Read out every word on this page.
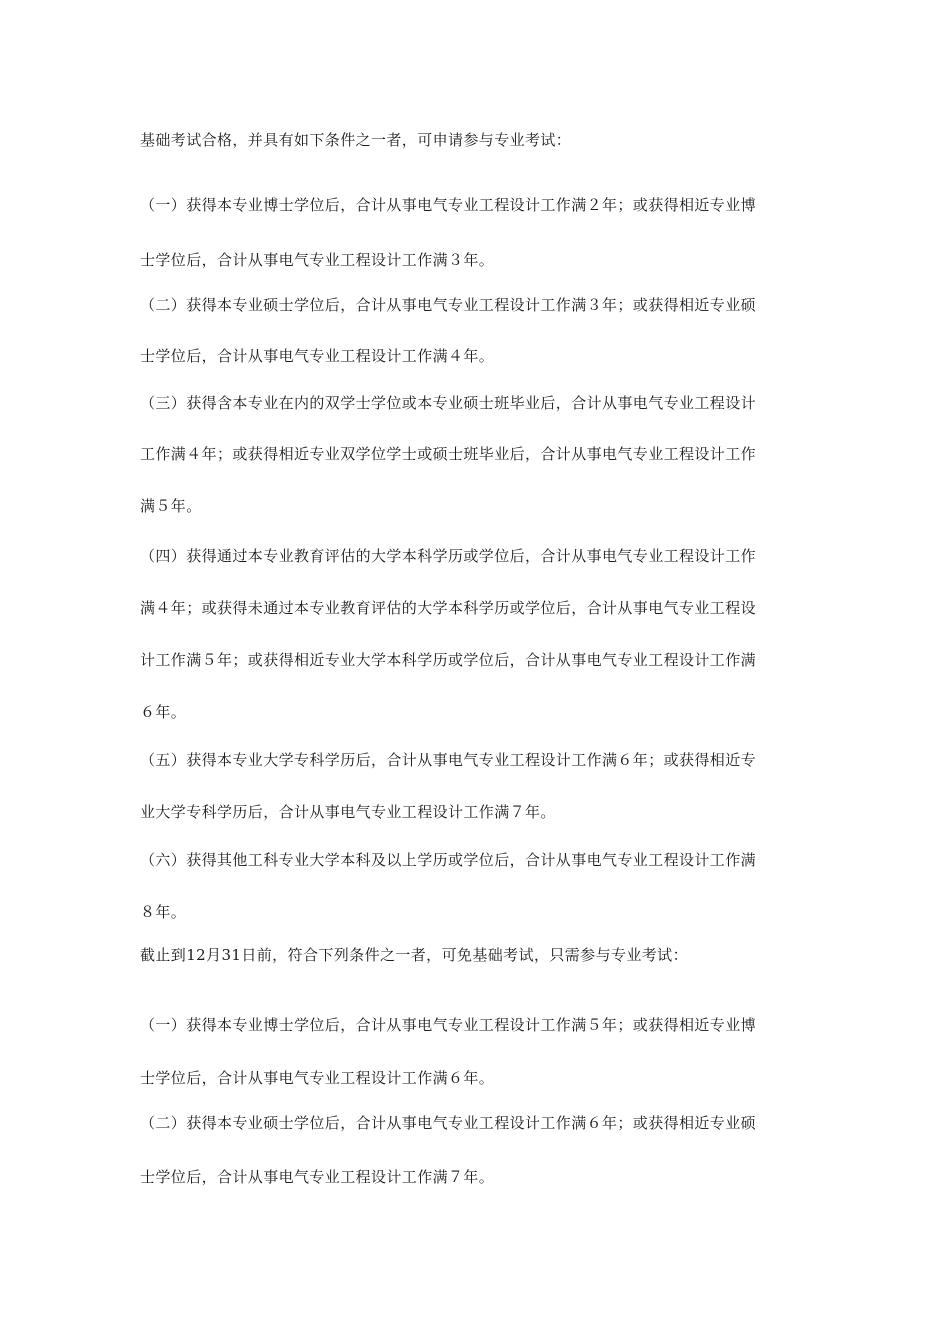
基础考试合格，并具有如下条件之一者，可申请参与专业考试：
（一）获得本专业博士学位后，合计从事电气专业工程设计工作满２年；或获得相近专业博
士学位后，合计从事电气专业工程设计工作满３年。
（二）获得本专业硕士学位后，合计从事电气专业工程设计工作满３年；或获得相近专业硕
士学位后，合计从事电气专业工程设计工作满４年。
（三）获得含本专业在内的双学士学位或本专业硕士班毕业后，合计从事电气专业工程设计
工作满４年；或获得相近专业双学位学士或硕士班毕业后，合计从事电气专业工程设计工作
满５年。
（四）获得通过本专业教育评估的大学本科学历或学位后，合计从事电气专业工程设计工作
满４年；或获得未通过本专业教育评估的大学本科学历或学位后，合计从事电气专业工程设
计工作满５年；或获得相近专业大学本科学历或学位后，合计从事电气专业工程设计工作满
６年。
（五）获得本专业大学专科学历后，合计从事电气专业工程设计工作满６年；或获得相近专
业大学专科学历后，合计从事电气专业工程设计工作满７年。
（六）获得其他工科专业大学本科及以上学历或学位后，合计从事电气专业工程设计工作满
８年。
截止到12月31日前，符合下列条件之一者，可免基础考试，只需参与专业考试：
（一）获得本专业博士学位后，合计从事电气专业工程设计工作满５年；或获得相近专业博
士学位后，合计从事电气专业工程设计工作满６年。
（二）获得本专业硕士学位后，合计从事电气专业工程设计工作满６年；或获得相近专业硕
士学位后，合计从事电气专业工程设计工作满７年。
